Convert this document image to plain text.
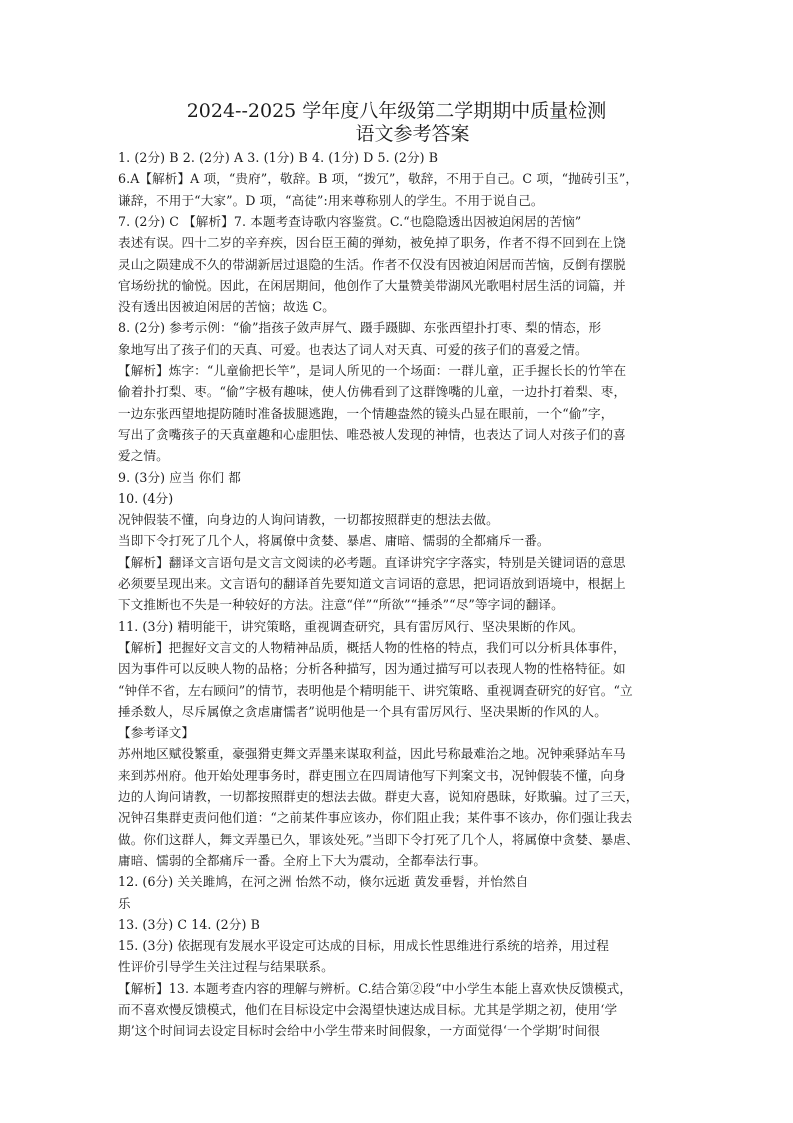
2024--2025 学年度八年级第二学期期中质量检测
语文参考答案
1. (2分) B 2. (2分) A 3. (1分) B 4. (1分) D 5. (2分) B
6.A【解析】A 项，“贵府”，敬辞。B 项，“拨冗”，敬辞，不用于自己。C 项，“抛砖引玉”，
谦辞，不用于“大家”。D 项，“高徒”:用来尊称别人的学生。不用于说自己。
7. (2分) C 【解析】7. 本题考查诗歌内容鉴赏。C.“也隐隐透出因被迫闲居的苦恼”
表述有误。四十二岁的辛弃疾，因台臣王蔺的弹劾，被免掉了职务，作者不得不回到在上饶
灵山之陨建成不久的带湖新居过退隐的生活。作者不仅没有因被迫闲居而苦恼，反倒有摆脱
官场纷扰的愉悦。因此，在闲居期间，他创作了大量赞美带湖风光歌唱村居生活的词篇，并
没有透出因被迫闲居的苦恼；故选 C。
8. (2分) 参考示例：“偷”指孩子敛声屏气、蹑手蹑脚、东张西望扑打枣、梨的情态，形
象地写出了孩子们的天真、可爱。也表达了词人对天真、可爱的孩子们的喜爱之情。
【解析】炼字：“儿童偷把长竿”，是词人所见的一个场面：一群儿童，正手握长长的竹竿在
偷着扑打梨、枣。“偷”字极有趣味，使人仿佛看到了这群馋嘴的儿童，一边扑打着梨、枣，
一边东张西望地提防随时准备拔腿逃跑，一个情趣盎然的镜头凸显在眼前，一个“偷”字，
写出了贪嘴孩子的天真童趣和心虚胆怯、唯恐被人发现的神情，也表达了词人对孩子们的喜
爱之情。
9. (3分) 应当 你们 都
10. (4分)
况钟假装不懂，向身边的人询问请教，一切都按照群吏的想法去做。
当即下令打死了几个人，将属僚中贪婪、暴虐、庸暗、懦弱的全都痛斥一番。
【解析】翻译文言语句是文言文阅读的必考题。直译讲究字字落实，特别是关键词语的意思
必须要呈现出来。文言语句的翻译首先要知道文言词语的意思，把词语放到语境中，根据上
下文推断也不失是一种较好的方法。注意“佯”“所欲”“捶杀”“尽”等字词的翻译。
11. (3分) 精明能干，讲究策略，重视调查研究，具有雷厉风行、坚决果断的作风。
【解析】把握好文言文的人物精神品质，概括人物的性格的特点，我们可以分析具体事件，
因为事件可以反映人物的品格；分析各种描写，因为通过描写可以表现人物的性格特征。如
“钟佯不省，左右顾问”的情节，表明他是个精明能干、讲究策略、重视调查研究的好官。“立
捶杀数人，尽斥属僚之贪虐庸懦者”说明他是一个具有雷厉风行、坚决果断的作风的人。
【参考译文】
苏州地区赋役繁重，豪强猾吏舞文弄墨来谋取利益，因此号称最难治之地。况钟乘驿站车马
来到苏州府。他开始处理事务时，群吏围立在四周请他写下判案文书，况钟假装不懂，向身
边的人询问请教，一切都按照群吏的想法去做。群吏大喜，说知府愚昧，好欺骗。过了三天，
况钟召集群吏责问他们道：“之前某件事应该办，你们阻止我；某件事不该办，你们强让我去
做。你们这群人，舞文弄墨已久，罪该处死。”当即下令打死了几个人，将属僚中贪婪、暴虐、
庸暗、懦弱的全都痛斥一番。全府上下大为震动，全都奉法行事。
12. (6分) 关关雎鸠，在河之洲 怡然不动，倏尔远逝 黄发垂髫，并怡然自
乐
13. (3分) C 14. (2分) B
15. (3分) 依据现有发展水平设定可达成的目标，用成长性思维进行系统的培养，用过程
性评价引导学生关注过程与结果联系。
【解析】13. 本题考查内容的理解与辨析。C.结合第②段“中小学生本能上喜欢快反馈模式，
而不喜欢慢反馈模式，他们在目标设定中会渴望快速达成目标。尤其是学期之初，使用‘学
期’这个时间词去设定目标时会给中小学生带来时间假象，一方面觉得‘一个学期’时间很
